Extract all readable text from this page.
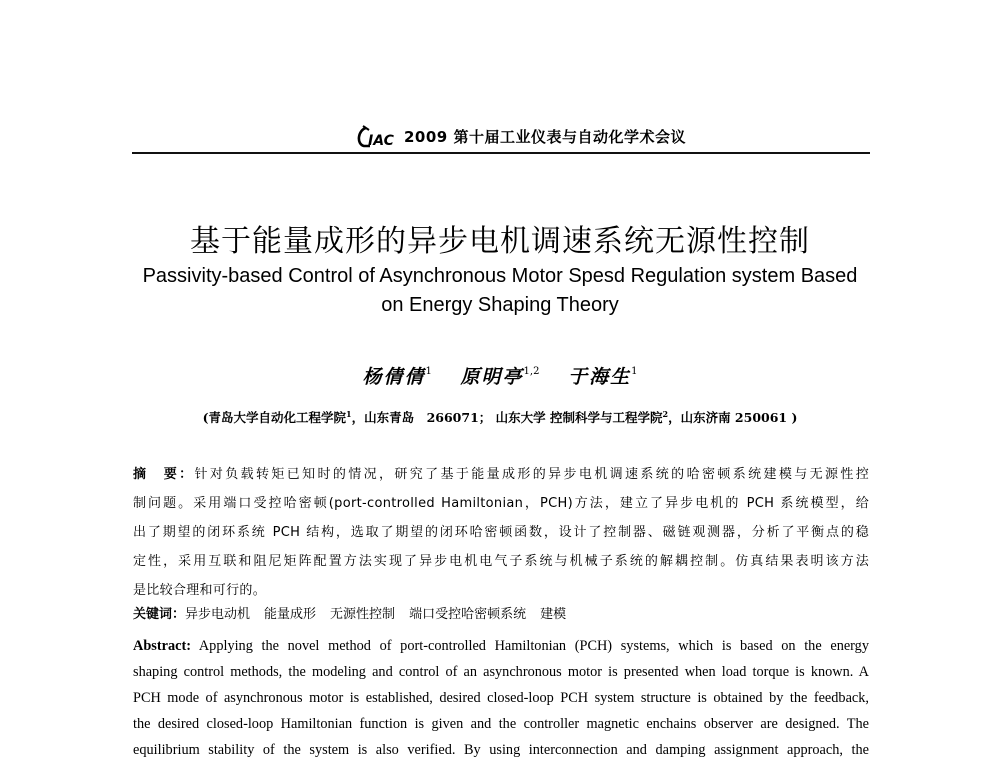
IAC 2009 第十届工业仪表与自动化学术会议
基于能量成形的异步电机调速系统无源性控制
Passivity-based Control of Asynchronous Motor Spesd Regulation system Based
on Energy Shaping Theory
杨倩倩$^1$ 原明亭$^{1,2}$ 于海生$^1$
(青岛大学自动化工程学院$^1$，山东青岛　266071； 山东大学 控制科学与工程学院$^2$，山东济南 250061 )
摘　要：针对负载转矩已知时的情况，研究了基于能量成形的异步电机调速系统的哈密顿系统建模与无源性控
制问题。采用端口受控哈密顿(port-controlled Hamiltonian，PCH)方法，建立了异步电机的 PCH 系统模型，给
出了期望的闭环系统 PCH 结构，选取了期望的闭环哈密顿函数，设计了控制器、磁链观测器，分析了平衡点的稳
定性，采用互联和阻尼矩阵配置方法实现了异步电机电气子系统与机械子系统的解耦控制。仿真结果表明该方法
是比较合理和可行的。
关键词：异步电动机 能量成形 无源性控制 端口受控哈密顿系统 建模
Abstract: Applying the novel method of port-controlled Hamiltonian (PCH) systems, which is based on the energy
shaping control methods, the modeling and control of an asynchronous motor is presented when load torque is known. A
PCH mode of asynchronous motor is established, desired closed-loop PCH system structure is obtained by the feedback,
the desired closed-loop Hamiltonian function is given and the controller magnetic enchains observer are designed. The
equilibrium stability of the system is also verified. By using interconnection and damping assignment approach, the
